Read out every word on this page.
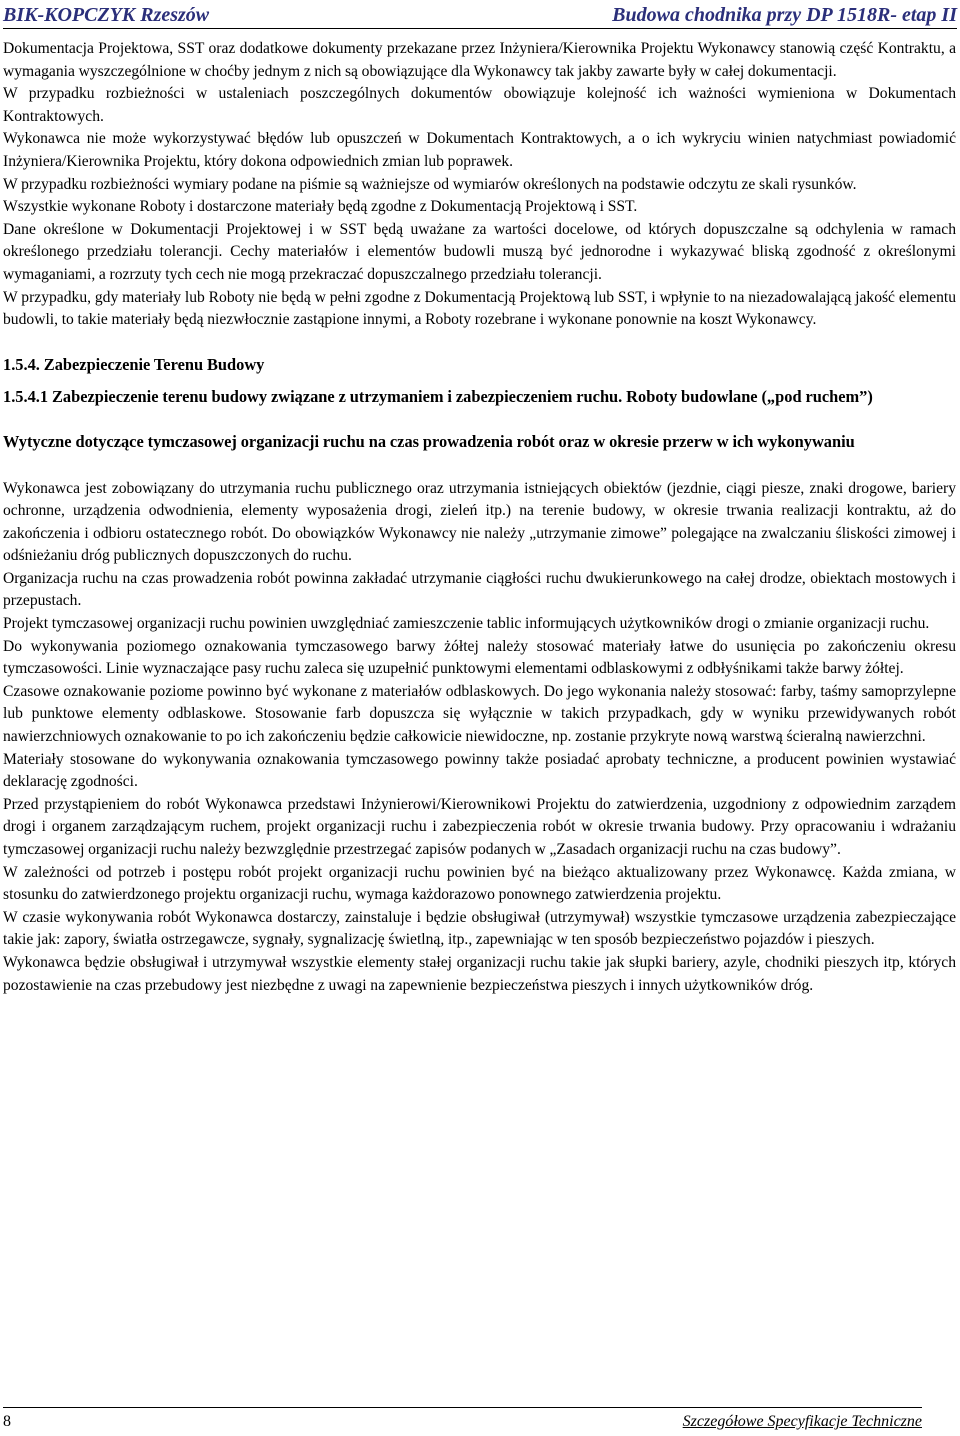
BIK-KOPCZYK Rzeszów	Budowa chodnika przy DP 1518R- etap II

Dokumentacja Projektowa, SST oraz dodatkowe dokumenty przekazane przez Inżyniera/Kierownika Projektu Wykonawcy stanowią część Kontraktu, a wymagania wyszczególnione w choćby jednym z nich są obowiązujące dla Wykonawcy tak jakby zawarte były w całej dokumentacji.

W przypadku rozbieżności w ustaleniach poszczególnych dokumentów obowiązuje kolejność ich ważności wymieniona w Dokumentach Kontraktowych.

Wykonawca nie może wykorzystywać błędów lub opuszczeń w Dokumentach Kontraktowych, a o ich wykryciu winien natychmiast powiadomić Inżyniera/Kierownika Projektu, który dokona odpowiednich zmian lub poprawek.

W przypadku rozbieżności wymiary podane na piśmie są ważniejsze od wymiarów określonych na podstawie odczytu ze skali rysunków.

Wszystkie wykonane Roboty i dostarczone materiały będą zgodne z Dokumentacją Projektową i SST.

Dane określone w Dokumentacji Projektowej i w SST będą uważane za wartości docelowe, od których dopuszczalne są odchylenia w ramach określonego przedziału tolerancji. Cechy materiałów i elementów budowli muszą być jednorodne i wykazywać bliską zgodność z określonymi wymaganiami, a rozrzuty tych cech nie mogą przekraczać dopuszczalnego przedziału tolerancji.

W przypadku, gdy materiały lub Roboty nie będą w pełni zgodne z Dokumentacją Projektową lub SST, i wpłynie to na niezadowalającą jakość elementu budowli, to takie materiały będą niezwłocznie zastąpione innymi, a Roboty rozebrane i wykonane ponownie na koszt Wykonawcy.

1.5.4. Zabezpieczenie Terenu Budowy

1.5.4.1 Zabezpieczenie terenu budowy związane z utrzymaniem i zabezpieczeniem ruchu. Roboty budowlane („pod ruchem”)

Wytyczne dotyczące tymczasowej organizacji ruchu na czas prowadzenia robót oraz w okresie przerw w ich wykonywaniu

Wykonawca jest zobowiązany do utrzymania ruchu publicznego oraz utrzymania istniejących obiektów (jezdnie, ciągi piesze, znaki drogowe, bariery ochronne, urządzenia odwodnienia, elementy wyposażenia drogi, zieleń itp.) na terenie budowy, w okresie trwania realizacji kontraktu, aż do zakończenia i odbioru ostatecznego robót. Do obowiązków Wykonawcy nie należy „utrzymanie zimowe” polegające na zwalczaniu śliskości zimowej i odśnieżaniu dróg publicznych dopuszczonych do ruchu.

Organizacja ruchu na czas prowadzenia robót powinna zakładać utrzymanie ciągłości ruchu dwukierunkowego na całej drodze, obiektach mostowych i przepustach.

Projekt tymczasowej organizacji ruchu powinien uwzględniać zamieszczenie tablic informujących użytkowników drogi o zmianie organizacji ruchu.

Do wykonywania poziomego oznakowania tymczasowego barwy żółtej należy stosować materiały łatwe do usunięcia po zakończeniu okresu tymczasowości. Linie wyznaczające pasy ruchu zaleca się uzupełnić punktowymi elementami odblaskowymi z odbłyśnikami także barwy żółtej.

Czasowe oznakowanie poziome powinno być wykonane z materiałów odblaskowych. Do jego wykonania należy stosować: farby, taśmy samoprzylepne lub punktowe elementy odblaskowe. Stosowanie farb dopuszcza się wyłącznie w takich przypadkach, gdy w wyniku przewidywanych robót nawierzchniowych oznakowanie to po ich zakończeniu będzie całkowicie niewidoczne, np. zostanie przykryte nową warstwą ścieralną nawierzchni.

Materiały stosowane do wykonywania oznakowania tymczasowego powinny także posiadać aprobaty techniczne, a producent powinien wystawiać deklarację zgodności.

Przed przystąpieniem do robót Wykonawca przedstawi Inżynierowi/Kierownikowi Projektu do zatwierdzenia, uzgodniony z odpowiednim zarządem drogi i organem zarządzającym ruchem, projekt organizacji ruchu i zabezpieczenia robót w okresie trwania budowy. Przy opracowaniu i wdrażaniu tymczasowej organizacji ruchu należy bezwzględnie przestrzegać zapisów podanych w „Zasadach organizacji ruchu na czas budowy”.

W zależności od potrzeb i postępu robót projekt organizacji ruchu powinien być na bieżąco aktualizowany przez Wykonawcę. Każda zmiana, w stosunku do zatwierdzonego projektu organizacji ruchu, wymaga każdorazowo ponownego zatwierdzenia projektu.

W czasie wykonywania robót Wykonawca dostarczy, zainstaluje i będzie obsługiwał (utrzymywał) wszystkie tymczasowe urządzenia zabezpieczające takie jak: zapory, światła ostrzegawcze, sygnały, sygnalizację świetlną, itp., zapewniając w ten sposób bezpieczeństwo pojazdów i pieszych.

Wykonawca będzie obsługiwał i utrzymywał wszystkie elementy stałej organizacji ruchu takie jak słupki bariery, azyle, chodniki pieszych itp, których pozostawienie na czas przebudowy jest niezbędne z uwagi na zapewnienie bezpieczeństwa pieszych i innych użytkowników dróg.

8	Szczegółowe Specyfikacje Techniczne
